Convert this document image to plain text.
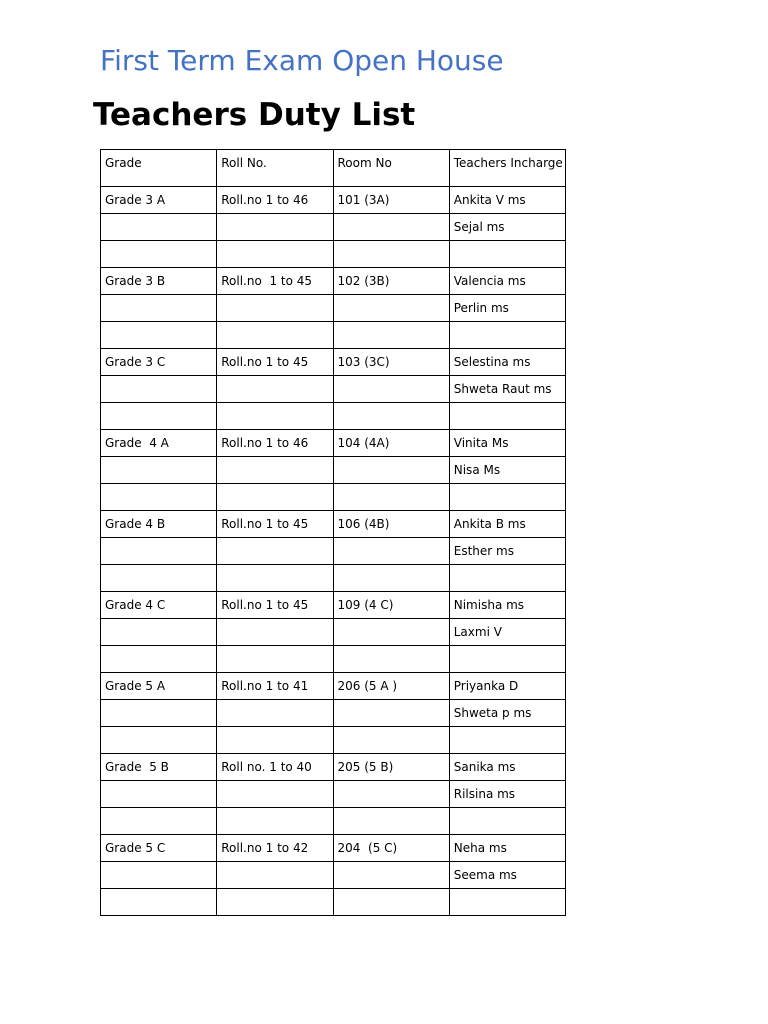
First Term Exam Open House
Teachers Duty List
Grade	Roll No.	Room No	Teachers Incharge
Grade 3 A	Roll.no 1 to 46	101 (3A)	Ankita V ms
			Sejal ms

Grade 3 B	Roll.no  1 to 45	102 (3B)	Valencia ms
			Perlin ms

Grade 3 C	Roll.no 1 to 45	103 (3C)	Selestina ms
			Shweta Raut ms

Grade  4 A	Roll.no 1 to 46	104 (4A)	Vinita Ms
			Nisa Ms

Grade 4 B	Roll.no 1 to 45	106 (4B)	Ankita B ms
			Esther ms

Grade 4 C	Roll.no 1 to 45	109 (4 C)	Nimisha ms
			Laxmi V

Grade 5 A	Roll.no 1 to 41	206 (5 A )	Priyanka D
			Shweta p ms

Grade  5 B	Roll no. 1 to 40	205 (5 B)	Sanika ms
			Rilsina ms

Grade 5 C	Roll.no 1 to 42	204  (5 C)	Neha ms
			Seema ms
